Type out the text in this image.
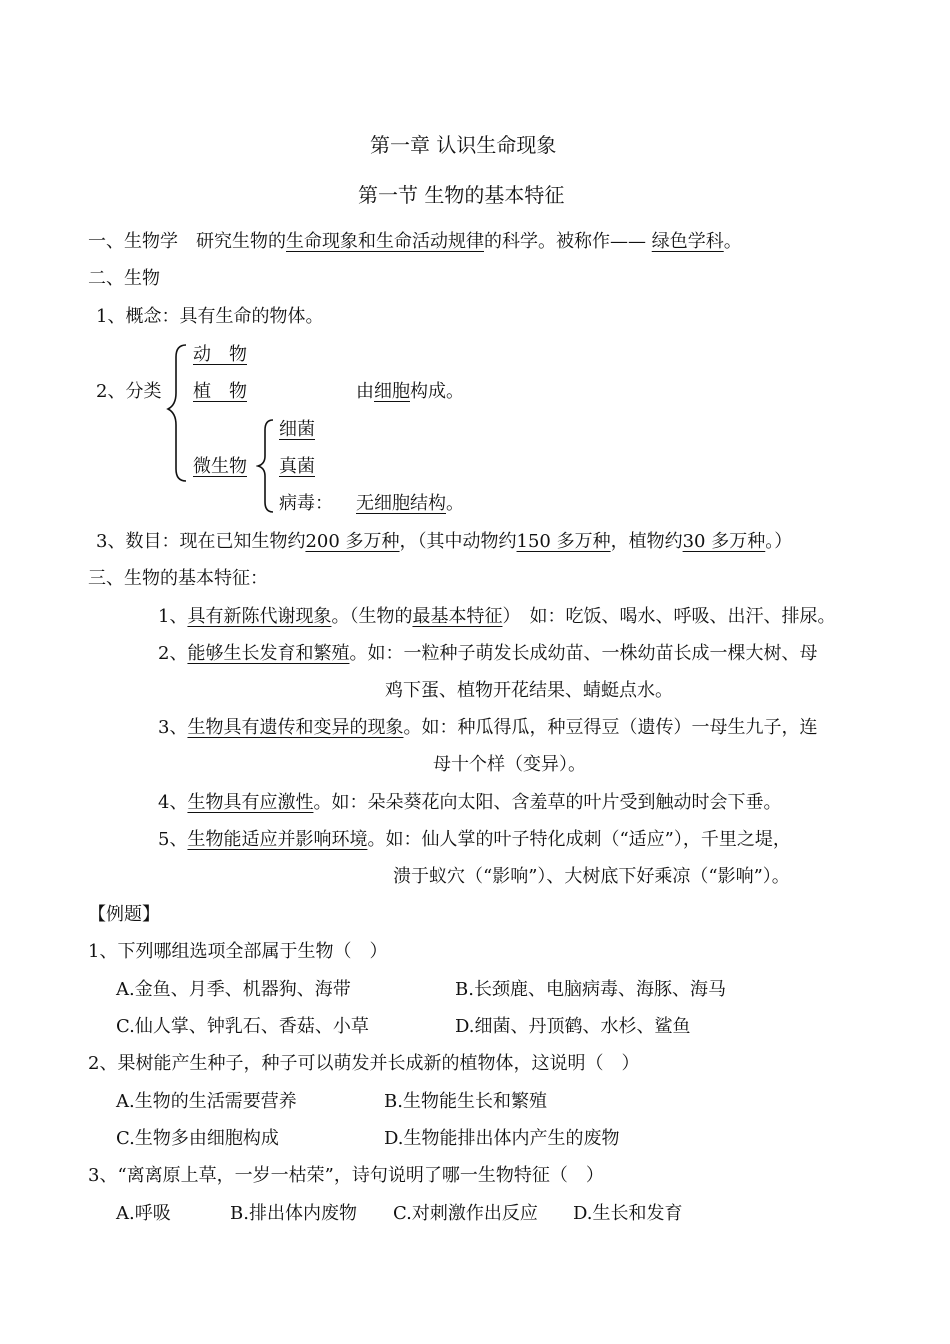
第一章 认识生命现象
第一节 生物的基本特征
一、生物学　研究生物的生命现象和生命活动规律的科学。被称作—— 绿色学科。
二、生物
1、概念：具有生命的物体。
2、分类
动　物
植　物	由细胞构成。
微生物
细菌
真菌
病毒： 无细胞结构。
3、数目：现在已知生物约200 多万种，（其中动物约150 多万种，植物约30 多万种。）
三、生物的基本特征：
1、具有新陈代谢现象。（生物的最基本特征）　如：吃饭、喝水、呼吸、出汗、排尿。
2、能够生长发育和繁殖。如：一粒种子萌发长成幼苗、一株幼苗长成一棵大树、母
鸡下蛋、植物开花结果、蜻蜓点水。
3、生物具有遗传和变异的现象。如：种瓜得瓜，种豆得豆（遗传）一母生九子，连
母十个样（变异）。
4、生物具有应激性。如：朵朵葵花向太阳、含羞草的叶片受到触动时会下垂。
5、生物能适应并影响环境。如：仙人掌的叶子特化成刺（“适应”），千里之堤，
溃于蚁穴（“影响”）、大树底下好乘凉（“影响”）。
【例题】
1、下列哪组选项全部属于生物（　）
A.金鱼、月季、机器狗、海带	B.长颈鹿、电脑病毒、海豚、海马
C.仙人掌、钟乳石、香菇、小草	D.细菌、丹顶鹤、水杉、鲨鱼
2、果树能产生种子，种子可以萌发并长成新的植物体，这说明（　）
A.生物的生活需要营养	B.生物能生长和繁殖
C.生物多由细胞构成	D.生物能排出体内产生的废物
3、“离离原上草，一岁一枯荣”，诗句说明了哪一生物特征（　）
A.呼吸	B.排出体内废物 C.对刺激作出反应 D.生长和发育
